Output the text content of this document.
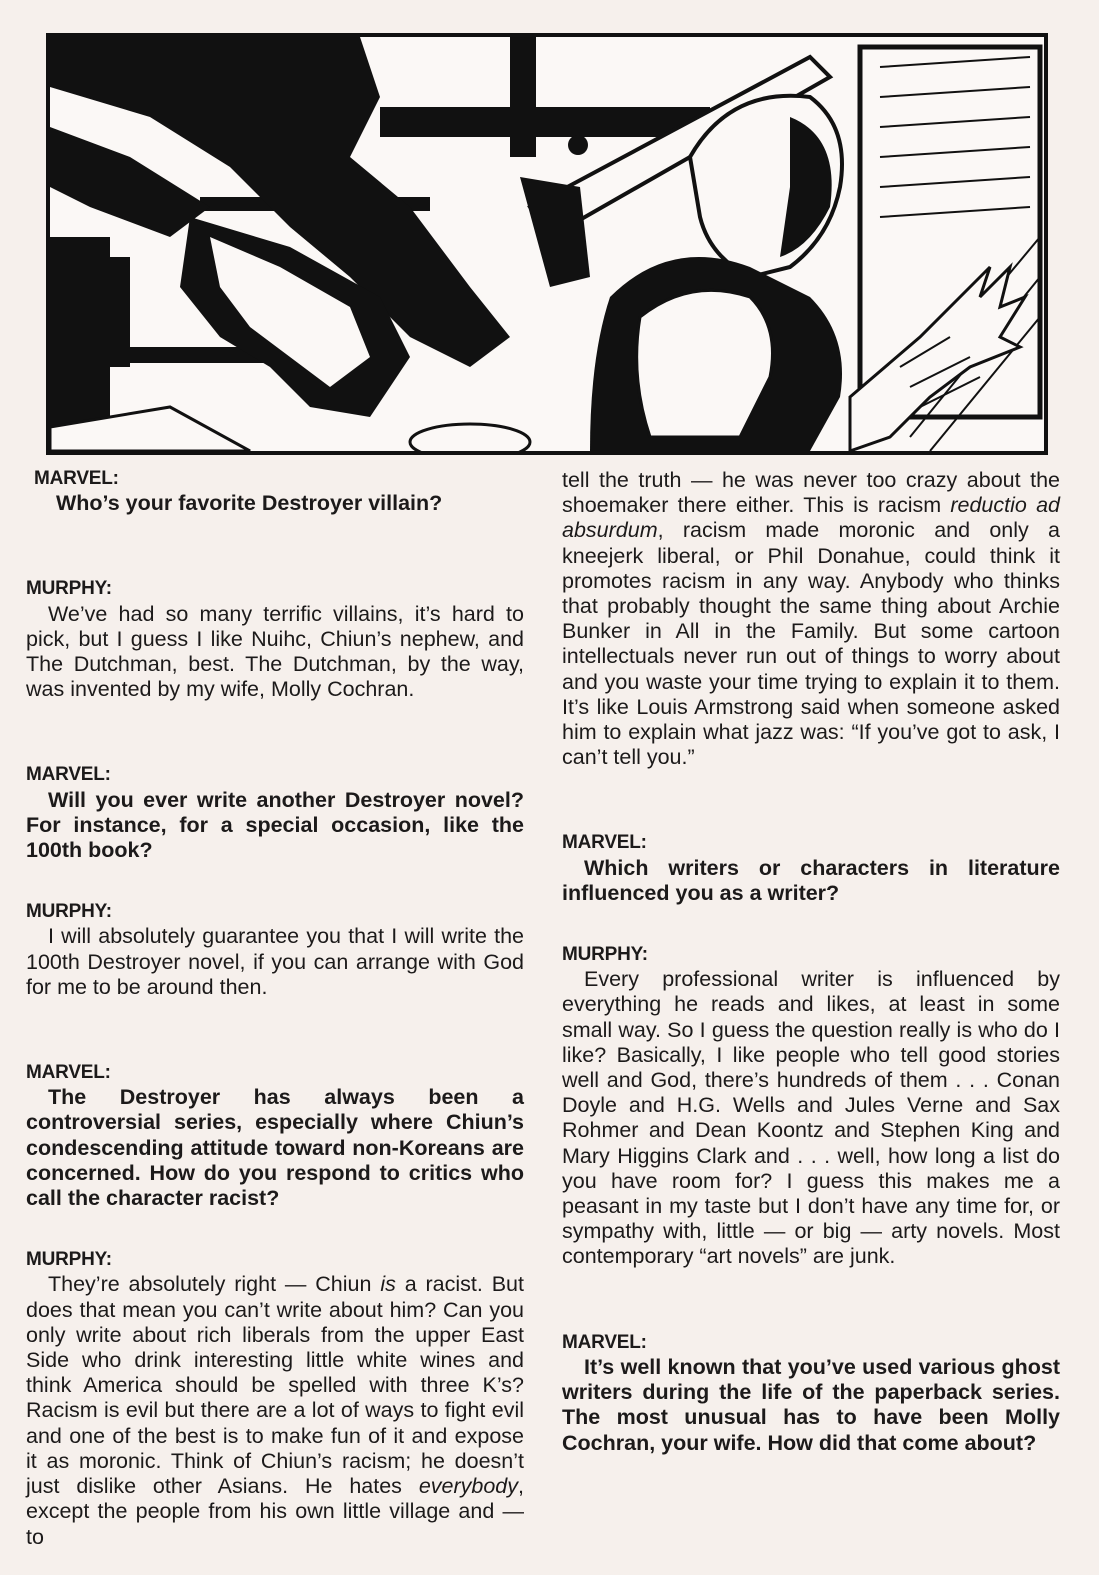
MARVEL:

Who’s your favorite Destroyer villain?

MURPHY:

We’ve had so many terrific villains, it’s hard to pick, but I guess I like Nuihc, Chiun’s nephew, and The Dutchman, best. The Dutchman, by the way, was invented by my wife, Molly Cochran.

MARVEL:

Will you ever write another Destroyer novel? For instance, for a special occasion, like the 100th book?

MURPHY:

I will absolutely guarantee you that I will write the 100th Destroyer novel, if you can arrange with God for me to be around then.

MARVEL:

The Destroyer has always been a controversial series, especially where Chiun’s condescending attitude toward non-Koreans are concerned. How do you respond to critics who call the character racist?

MURPHY:

They’re absolutely right — Chiun is a racist. But does that mean you can’t write about him? Can you only write about rich liberals from the upper East Side who drink interesting little white wines and think America should be spelled with three K’s? Racism is evil but there are a lot of ways to fight evil and one of the best is to make fun of it and expose it as moronic. Think of Chiun’s racism; he doesn’t just dislike other Asians. He hates everybody, except the people from his own little village and — to

tell the truth — he was never too crazy about the shoemaker there either. This is racism reductio ad absurdum, racism made moronic and only a kneejerk liberal, or Phil Donahue, could think it promotes racism in any way. Anybody who thinks that probably thought the same thing about Archie Bunker in All in the Family. But some cartoon intellectuals never run out of things to worry about and you waste your time trying to explain it to them. It’s like Louis Armstrong said when someone asked him to explain what jazz was: “If you’ve got to ask, I can’t tell you.”

MARVEL:

Which writers or characters in literature influenced you as a writer?

MURPHY:

Every professional writer is influenced by everything he reads and likes, at least in some small way. So I guess the question really is who do I like? Basically, I like people who tell good stories well and God, there’s hundreds of them . . . Conan Doyle and H.G. Wells and Jules Verne and Sax Rohmer and Dean Koontz and Stephen King and Mary Higgins Clark and . . . well, how long a list do you have room for? I guess this makes me a peasant in my taste but I don’t have any time for, or sympathy with, little — or big — arty novels. Most contemporary “art novels” are junk.

MARVEL:

It’s well known that you’ve used various ghost writers during the life of the paperback series. The most unusual has to have been Molly Cochran, your wife. How did that come about?
